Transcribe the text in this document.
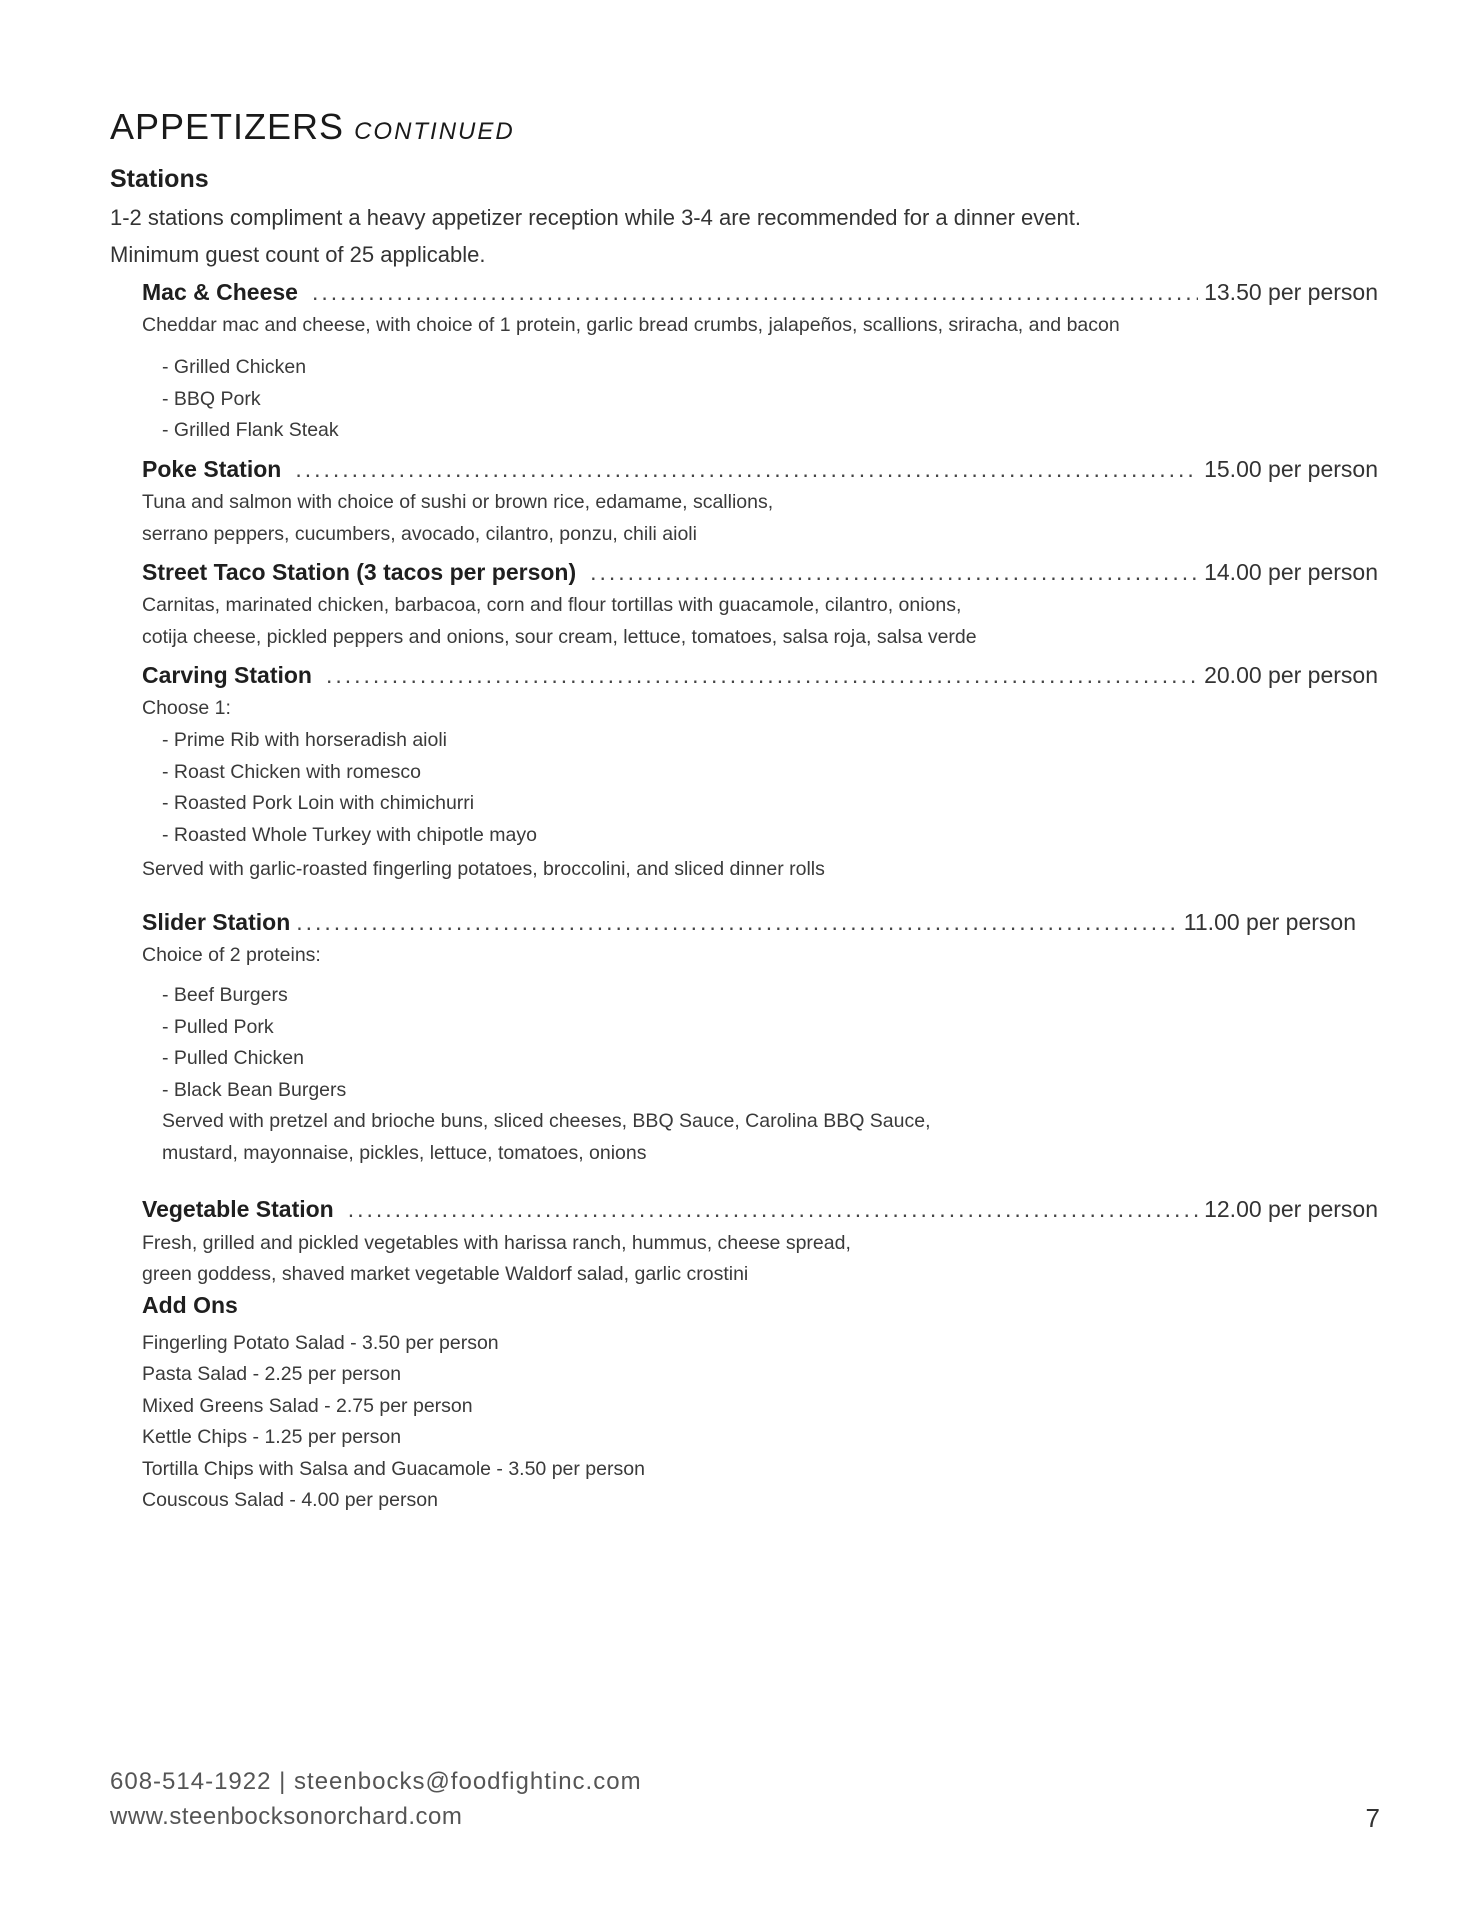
APPETIZERS CONTINUED
Stations
1-2 stations compliment a heavy appetizer reception while 3-4 are recommended for a dinner event.
Minimum guest count of 25 applicable.
Mac & Cheese .....	13.50 per person
Cheddar mac and cheese, with choice of 1 protein, garlic bread crumbs, jalapeños, scallions, sriracha, and bacon
- Grilled Chicken
- BBQ Pork
- Grilled Flank Steak
Poke Station .....	15.00 per person
Tuna and salmon with choice of sushi or brown rice, edamame, scallions,
serrano peppers, cucumbers, avocado, cilantro, ponzu, chili aioli
Street Taco Station (3 tacos per person) .....	14.00 per person
Carnitas, marinated chicken, barbacoa, corn and flour tortillas with guacamole, cilantro, onions,
cotija cheese, pickled peppers and onions, sour cream, lettuce, tomatoes, salsa roja, salsa verde
Carving Station .....	20.00 per person
Choose 1:
- Prime Rib with horseradish aioli
- Roast Chicken with romesco
- Roasted Pork Loin with chimichurri
- Roasted Whole Turkey with chipotle mayo
Served with garlic-roasted fingerling potatoes, broccolini, and sliced dinner rolls
Slider Station .....	11.00 per person
Choice of 2 proteins:
- Beef Burgers
- Pulled Pork
- Pulled Chicken
- Black Bean Burgers
Served with pretzel and brioche buns, sliced cheeses, BBQ Sauce, Carolina BBQ Sauce,
mustard, mayonnaise, pickles, lettuce, tomatoes, onions
Vegetable Station .....	12.00 per person
Fresh, grilled and pickled vegetables with harissa ranch, hummus, cheese spread,
green goddess, shaved market vegetable Waldorf salad, garlic crostini
Add Ons
Fingerling Potato Salad - 3.50 per person
Pasta Salad - 2.25 per person
Mixed Greens Salad - 2.75 per person
Kettle Chips - 1.25 per person
Tortilla Chips with Salsa and Guacamole - 3.50 per person
Couscous Salad - 4.00 per person
608-514-1922 | steenbocks@foodfightinc.com
www.steenbocksonorchard.com	7
